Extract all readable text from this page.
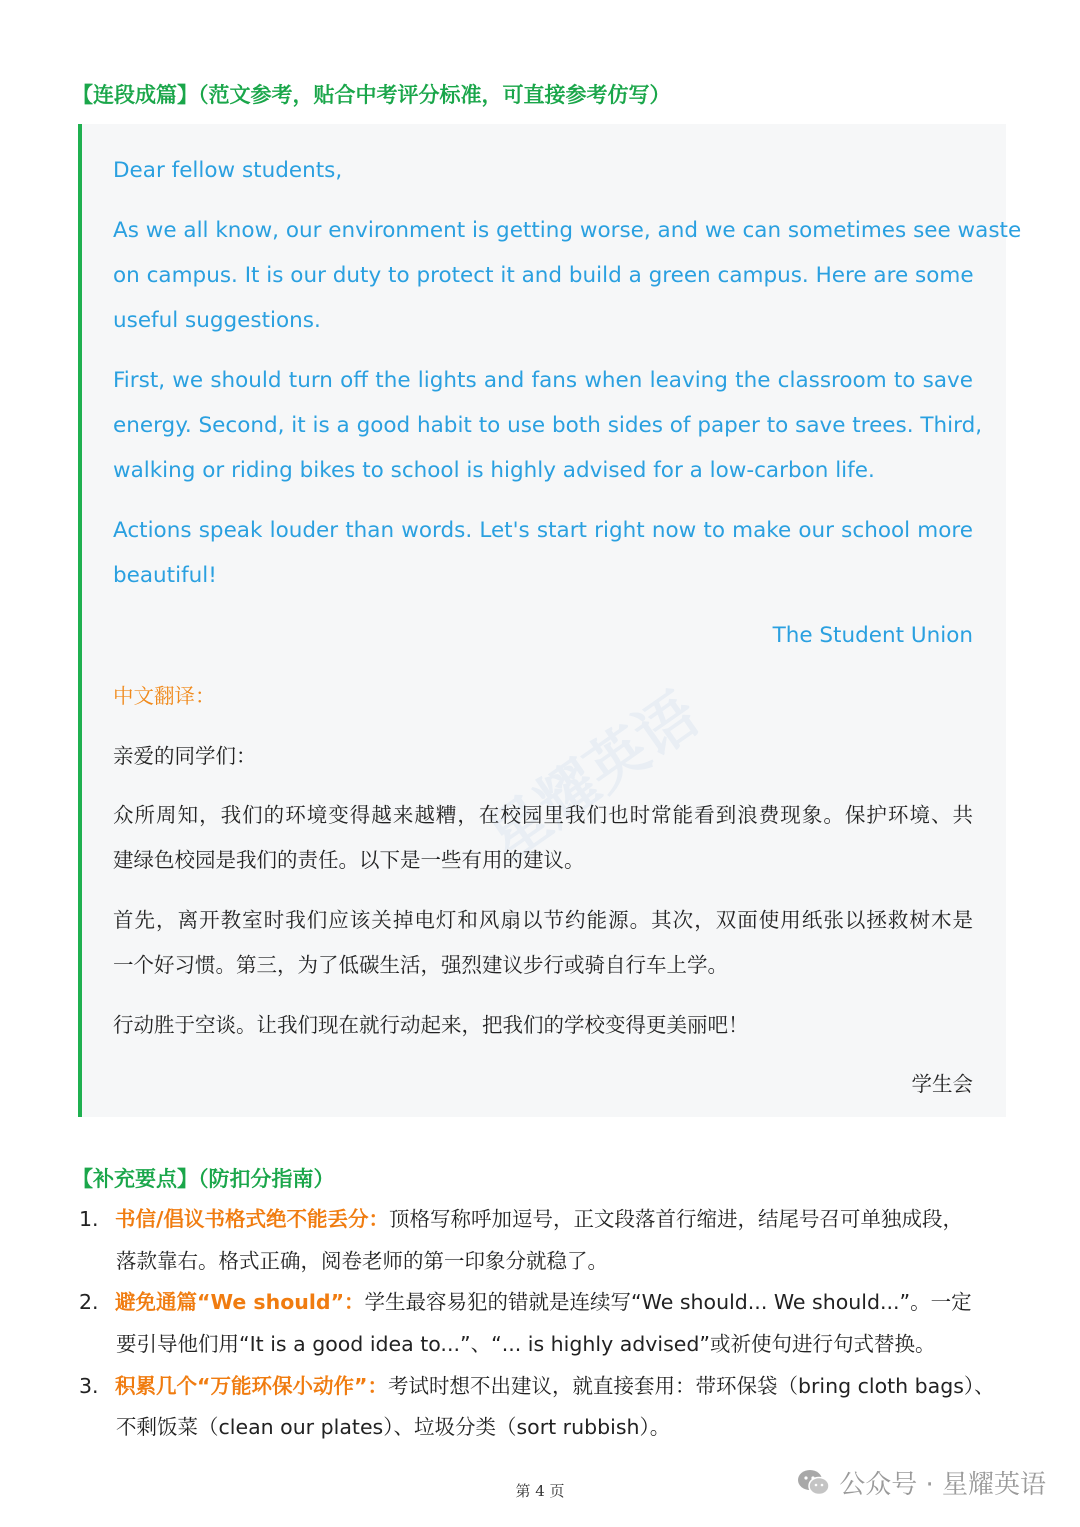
【连段成篇】（范文参考，贴合中考评分标准，可直接参考仿写）
星耀英语
Dear fellow students,
As we all know, our environment is getting worse, and we can sometimes see waste
on campus. It is our duty to protect it and build a green campus. Here are some
useful suggestions.
First, we should turn off the lights and fans when leaving the classroom to save
energy. Second, it is a good habit to use both sides of paper to save trees. Third,
walking or riding bikes to school is highly advised for a low-carbon life.
Actions speak louder than words. Let's start right now to make our school more
beautiful!
The Student Union
中文翻译：
亲爱的同学们：
众所周知，我们的环境变得越来越糟，在校园里我们也时常能看到浪费现象。保护环境、共
建绿色校园是我们的责任。以下是一些有用的建议。
首先，离开教室时我们应该关掉电灯和风扇以节约能源。其次，双面使用纸张以拯救树木是
一个好习惯。第三，为了低碳生活，强烈建议步行或骑自行车上学。
行动胜于空谈。让我们现在就行动起来，把我们的学校变得更美丽吧！
学生会
【补充要点】（防扣分指南）
1. 书信/倡议书格式绝不能丢分：顶格写称呼加逗号，正文段落首行缩进，结尾号召可单独成段，
落款靠右。格式正确，阅卷老师的第一印象分就稳了。
2. 避免通篇“We should”：学生最容易犯的错就是连续写“We should... We should...”。一定
要引导他们用“It is a good idea to...”、“... is highly advised”或祈使句进行句式替换。
3. 积累几个“万能环保小动作”：考试时想不出建议，就直接套用：带环保袋（bring cloth bags）、
不剩饭菜（clean our plates）、垃圾分类（sort rubbish）。
第 4 页	公众号 · 星耀英语
